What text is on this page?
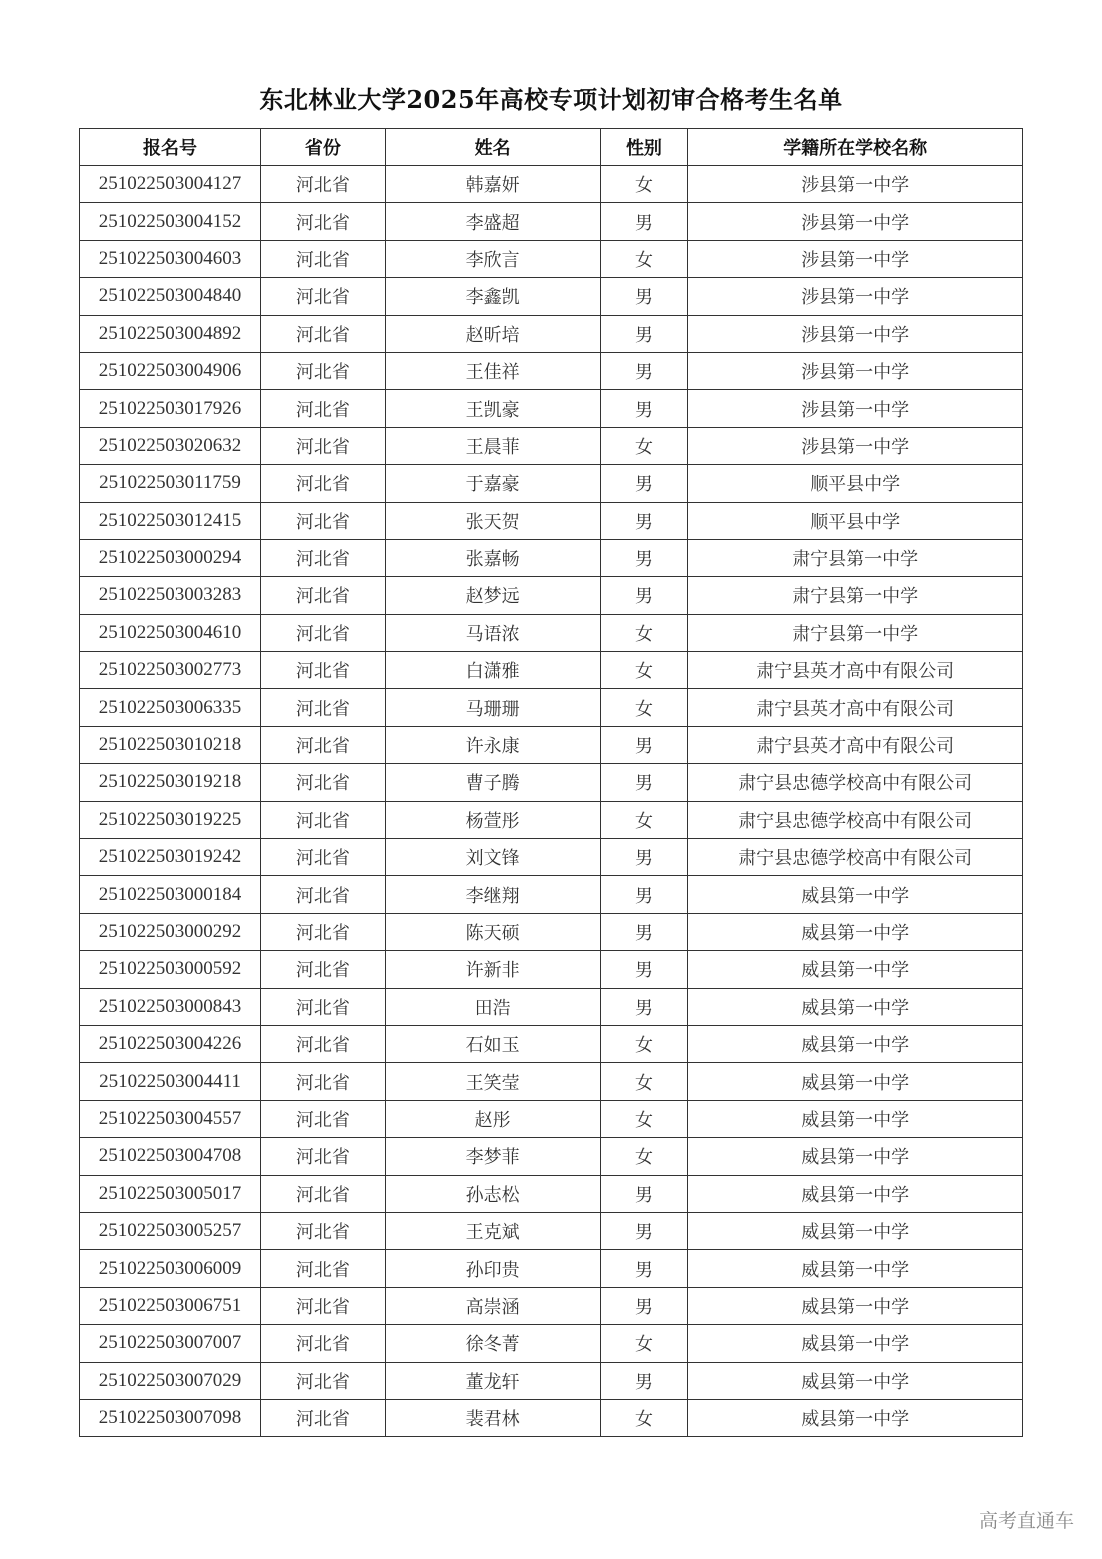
东北林业大学2025年高校专项计划初审合格考生名单
报名号	省份	姓名	性别	学籍所在学校名称
251022503004127	河北省	韩嘉妍	女	涉县第一中学
251022503004152	河北省	李盛超	男	涉县第一中学
251022503004603	河北省	李欣言	女	涉县第一中学
251022503004840	河北省	李鑫凯	男	涉县第一中学
251022503004892	河北省	赵昕培	男	涉县第一中学
251022503004906	河北省	王佳祥	男	涉县第一中学
251022503017926	河北省	王凯豪	男	涉县第一中学
251022503020632	河北省	王晨菲	女	涉县第一中学
251022503011759	河北省	于嘉豪	男	顺平县中学
251022503012415	河北省	张天贺	男	顺平县中学
251022503000294	河北省	张嘉畅	男	肃宁县第一中学
251022503003283	河北省	赵梦远	男	肃宁县第一中学
251022503004610	河北省	马语浓	女	肃宁县第一中学
251022503002773	河北省	白潇雅	女	肃宁县英才高中有限公司
251022503006335	河北省	马珊珊	女	肃宁县英才高中有限公司
251022503010218	河北省	许永康	男	肃宁县英才高中有限公司
251022503019218	河北省	曹子腾	男	肃宁县忠德学校高中有限公司
251022503019225	河北省	杨萱彤	女	肃宁县忠德学校高中有限公司
251022503019242	河北省	刘文锋	男	肃宁县忠德学校高中有限公司
251022503000184	河北省	李继翔	男	威县第一中学
251022503000292	河北省	陈天硕	男	威县第一中学
251022503000592	河北省	许新非	男	威县第一中学
251022503000843	河北省	田浩	男	威县第一中学
251022503004226	河北省	石如玉	女	威县第一中学
251022503004411	河北省	王笑莹	女	威县第一中学
251022503004557	河北省	赵彤	女	威县第一中学
251022503004708	河北省	李梦菲	女	威县第一中学
251022503005017	河北省	孙志松	男	威县第一中学
251022503005257	河北省	王克斌	男	威县第一中学
251022503006009	河北省	孙印贵	男	威县第一中学
251022503006751	河北省	高崇涵	男	威县第一中学
251022503007007	河北省	徐冬菁	女	威县第一中学
251022503007029	河北省	董龙轩	男	威县第一中学
251022503007098	河北省	裴君林	女	威县第一中学
高考直通车
